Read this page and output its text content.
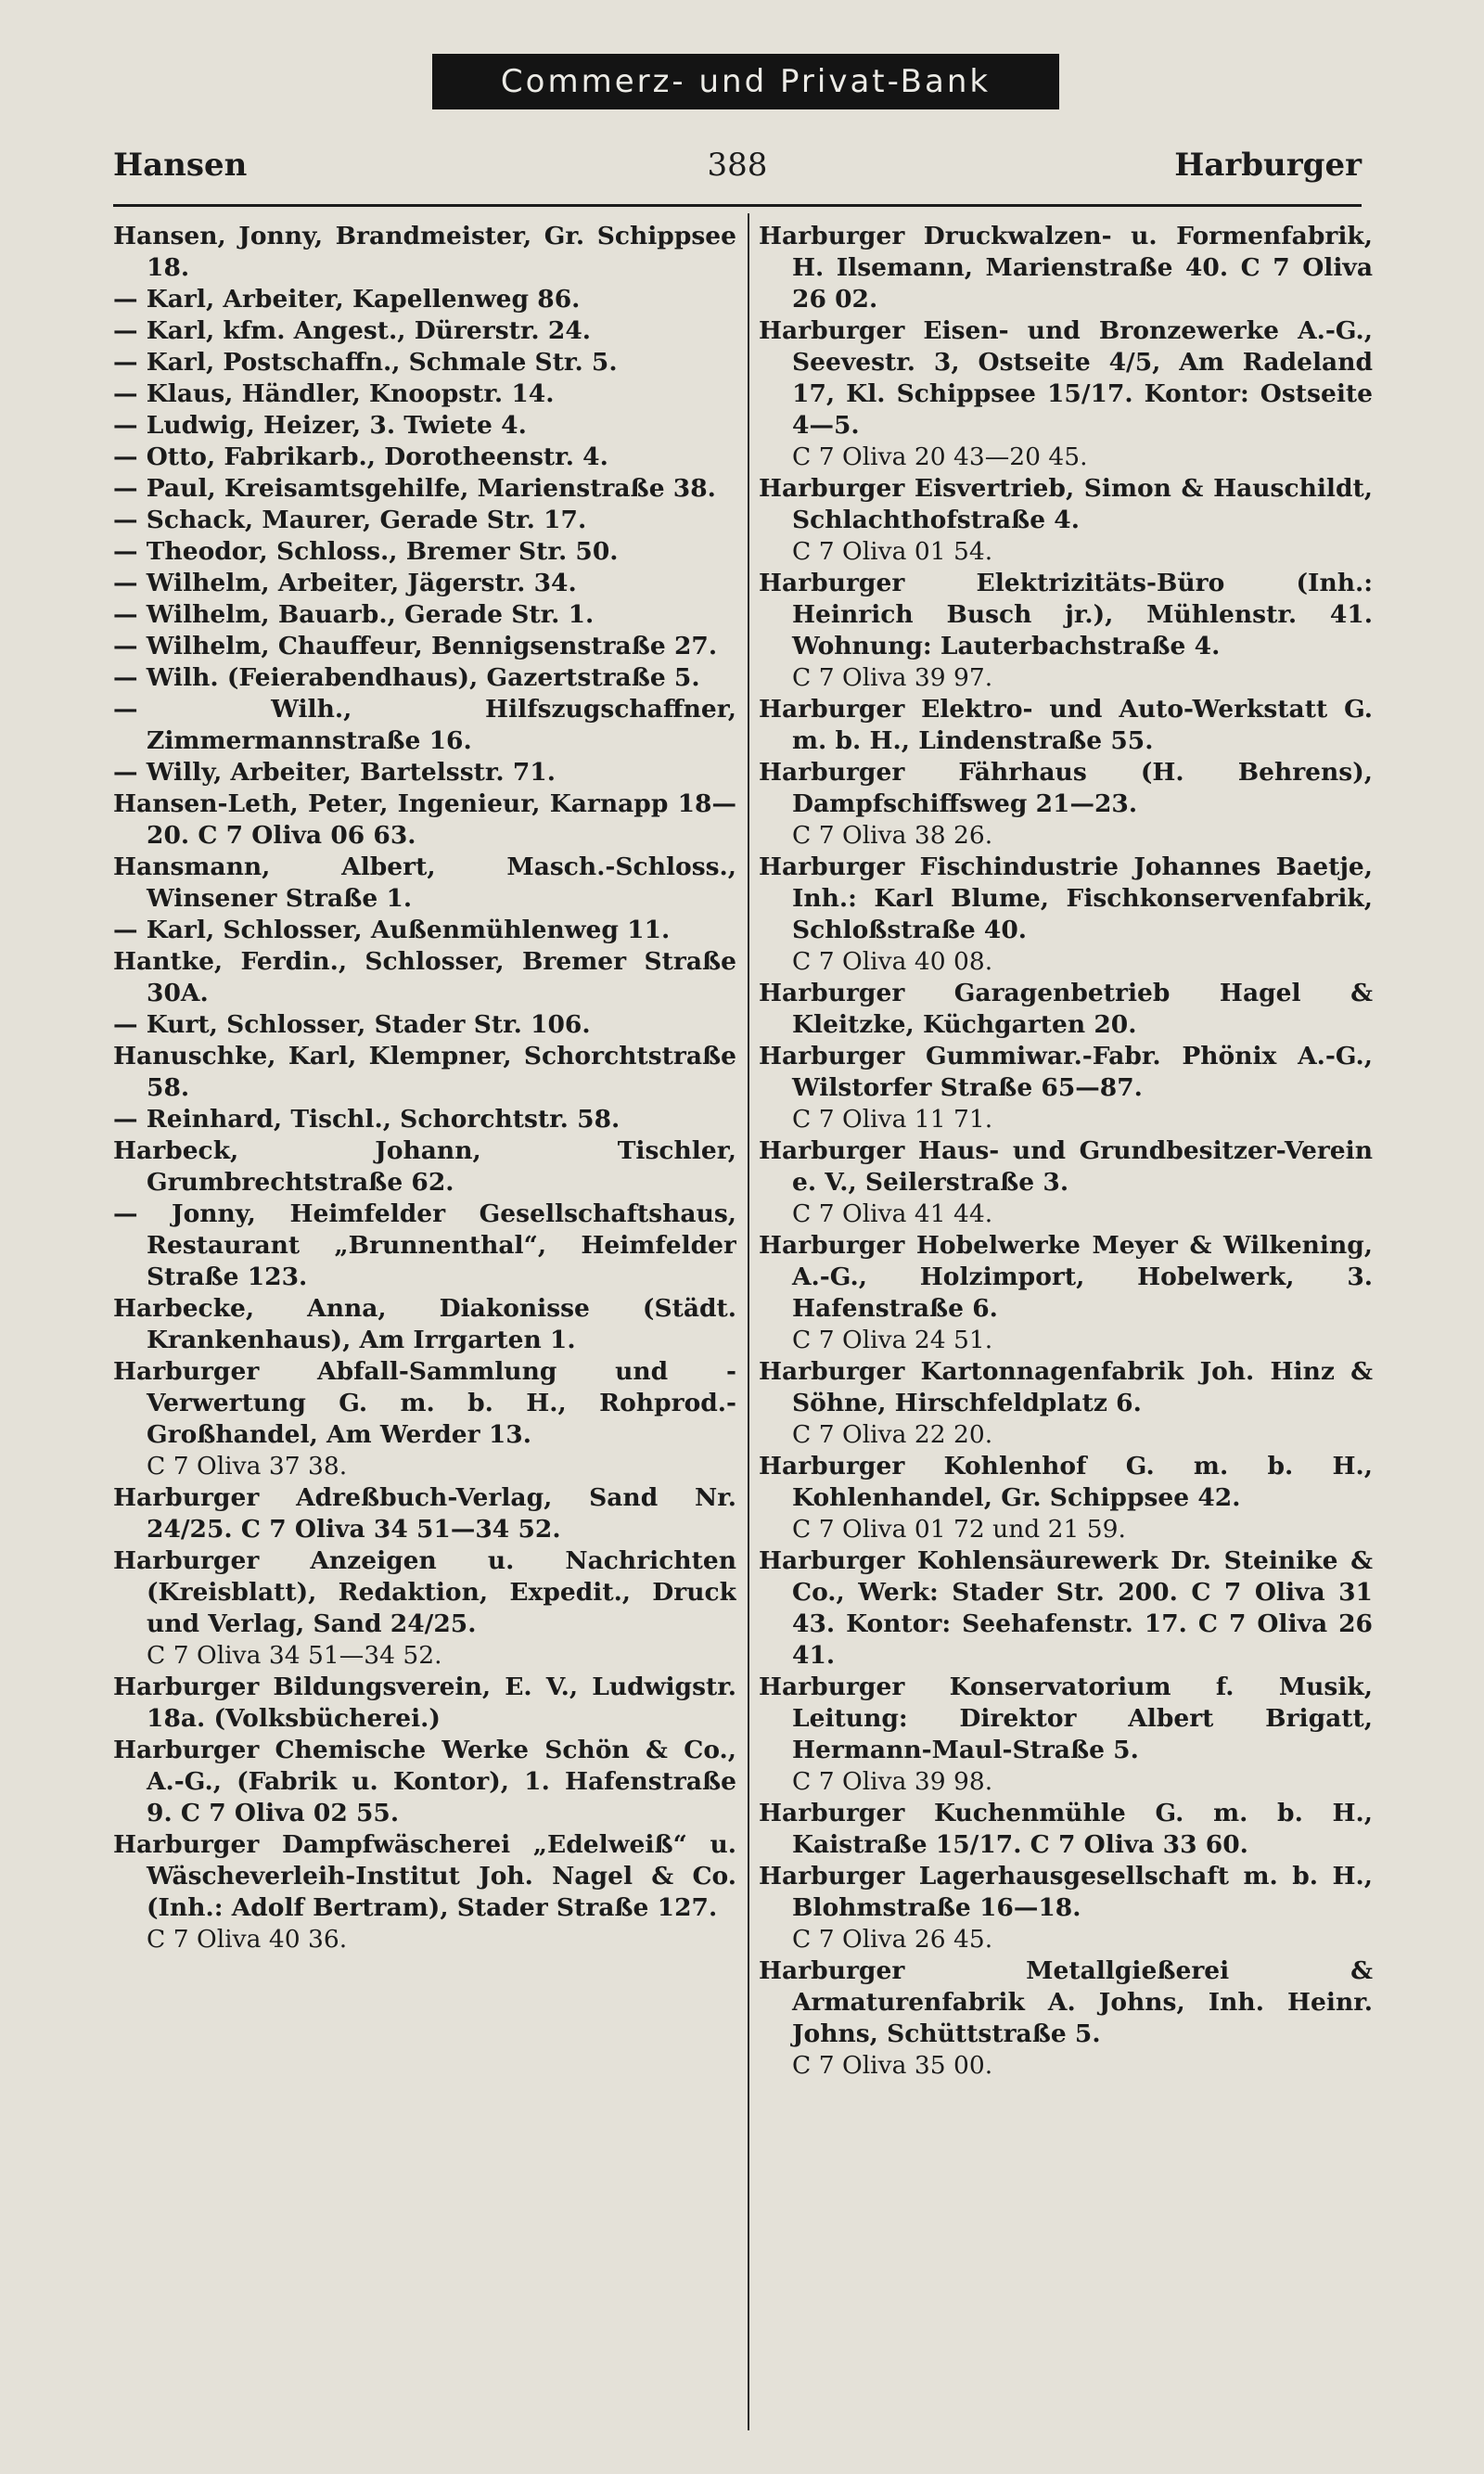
Commerz- und Privat-Bank
Hansen	388	Harburger
Hansen, Jonny, Brandmeister, Gr. Schippsee 18.
— Karl, Arbeiter, Kapellenweg 86.
— Karl, kfm. Angest., Dürerstr. 24.
— Karl, Postschaffn., Schmale Str. 5.
— Klaus, Händler, Knoopstr. 14.
— Ludwig, Heizer, 3. Twiete 4.
— Otto, Fabrikarb., Dorotheenstr. 4.
— Paul, Kreisamtsgehilfe, Marienstraße 38.
— Schack, Maurer, Gerade Str. 17.
— Theodor, Schloss., Bremer Str. 50.
— Wilhelm, Arbeiter, Jägerstr. 34.
— Wilhelm, Bauarb., Gerade Str. 1.
— Wilhelm, Chauffeur, Bennigsenstraße 27.
— Wilh. (Feierabendhaus), Gazertstraße 5.
— Wilh., Hilfszugschaffner, Zimmermannstraße 16.
— Willy, Arbeiter, Bartelsstr. 71.
Hansen-Leth, Peter, Ingenieur, Karnapp 18—20. C 7 Oliva 06 63.
Hansmann, Albert, Masch.-Schloss., Winsener Straße 1.
— Karl, Schlosser, Außenmühlenweg 11.
Hantke, Ferdin., Schlosser, Bremer Straße 30A.
— Kurt, Schlosser, Stader Str. 106.
Hanuschke, Karl, Klempner, Schorchtstraße 58.
— Reinhard, Tischl., Schorchtstr. 58.
Harbeck, Johann, Tischler, Grumbrechtstraße 62.
— Jonny, Heimfelder Gesellschaftshaus, Restaurant „Brunnenthal“, Heimfelder Straße 123.
Harbecke, Anna, Diakonisse (Städt. Krankenhaus), Am Irrgarten 1.
Harburger Abfall-Sammlung und -Verwertung G. m. b. H., Rohprod.-Großhandel, Am Werder 13.
C 7 Oliva 37 38.
Harburger Adreßbuch-Verlag, Sand Nr. 24/25. C 7 Oliva 34 51—34 52.
Harburger Anzeigen u. Nachrichten (Kreisblatt), Redaktion, Expedit., Druck und Verlag, Sand 24/25.
C 7 Oliva 34 51—34 52.
Harburger Bildungsverein, E. V., Ludwigstr. 18a. (Volksbücherei.)
Harburger Chemische Werke Schön & Co., A.-G., (Fabrik u. Kontor), 1. Hafenstraße 9. C 7 Oliva 02 55.
Harburger Dampfwäscherei „Edelweiß“ u. Wäscheverleih-Institut Joh. Nagel & Co. (Inh.: Adolf Bertram), Stader Straße 127.
C 7 Oliva 40 36.
Harburger Druckwalzen- u. Formenfabrik, H. Ilsemann, Marienstraße 40. C 7 Oliva 26 02.
Harburger Eisen- und Bronzewerke A.-G., Seevestr. 3, Ostseite 4/5, Am Radeland 17, Kl. Schippsee 15/17. Kontor: Ostseite 4—5.
C 7 Oliva 20 43—20 45.
Harburger Eisvertrieb, Simon & Hauschildt, Schlachthofstraße 4.
C 7 Oliva 01 54.
Harburger Elektrizitäts-Büro (Inh.: Heinrich Busch jr.), Mühlenstr. 41. Wohnung: Lauterbachstraße 4.
C 7 Oliva 39 97.
Harburger Elektro- und Auto-Werkstatt G. m. b. H., Lindenstraße 55.
Harburger Fährhaus (H. Behrens), Dampfschiffsweg 21—23.
C 7 Oliva 38 26.
Harburger Fischindustrie Johannes Baetje, Inh.: Karl Blume, Fischkonservenfabrik, Schloßstraße 40.
C 7 Oliva 40 08.
Harburger Garagenbetrieb Hagel & Kleitzke, Küchgarten 20.
Harburger Gummiwar.-Fabr. Phönix A.-G., Wilstorfer Straße 65—87.
C 7 Oliva 11 71.
Harburger Haus- und Grundbesitzer-Verein e. V., Seilerstraße 3.
C 7 Oliva 41 44.
Harburger Hobelwerke Meyer & Wilkening, A.-G., Holzimport, Hobelwerk, 3. Hafenstraße 6.
C 7 Oliva 24 51.
Harburger Kartonnagenfabrik Joh. Hinz & Söhne, Hirschfeldplatz 6.
C 7 Oliva 22 20.
Harburger Kohlenhof G. m. b. H., Kohlenhandel, Gr. Schippsee 42.
C 7 Oliva 01 72 und 21 59.
Harburger Kohlensäurewerk Dr. Steinike & Co., Werk: Stader Str. 200. C 7 Oliva 31 43. Kontor: Seehafenstr. 17. C 7 Oliva 26 41.
Harburger Konservatorium f. Musik, Leitung: Direktor Albert Brigatt, Hermann-Maul-Straße 5.
C 7 Oliva 39 98.
Harburger Kuchenmühle G. m. b. H., Kaistraße 15/17. C 7 Oliva 33 60.
Harburger Lagerhausgesellschaft m. b. H., Blohmstraße 16—18.
C 7 Oliva 26 45.
Harburger Metallgießerei & Armaturenfabrik A. Johns, Inh. Heinr. Johns, Schüttstraße 5.
C 7 Oliva 35 00.
